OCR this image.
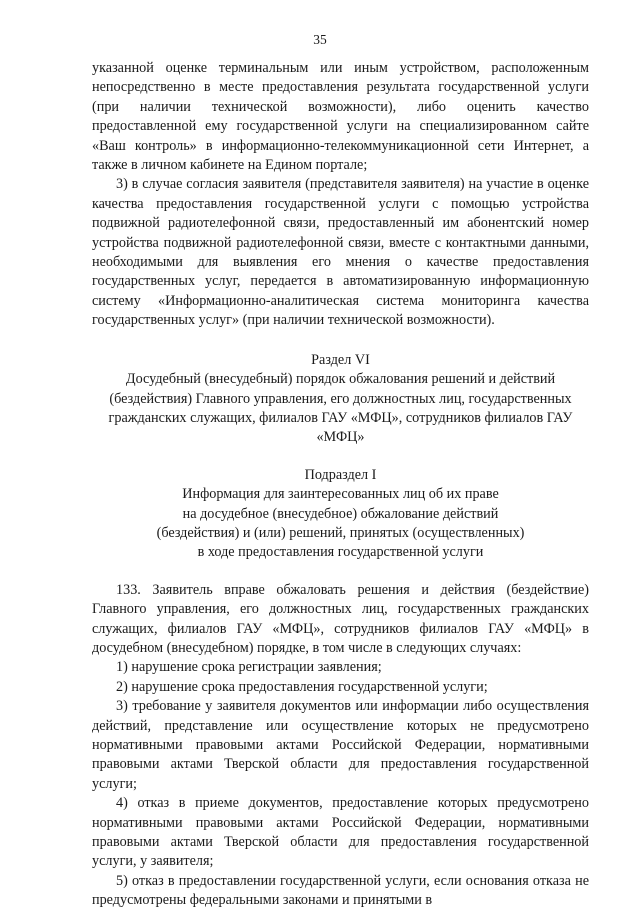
35

указанной оценке терминальным или иным устройством, расположенным непосредственно в месте предоставления результата государственной услуги (при наличии технической возможности), либо оценить качество предоставленной ему государственной услуги на специализированном сайте «Ваш контроль» в информационно-телекоммуникационной сети Интернет, а также в личном кабинете на Едином портале;

3) в случае согласия заявителя (представителя заявителя) на участие в оценке качества предоставления государственной услуги с помощью устройства подвижной радиотелефонной связи, предоставленный им абонентский номер устройства подвижной радиотелефонной связи, вместе с контактными данными, необходимыми для выявления его мнения о качестве предоставления государственных услуг, передается в автоматизированную информационную систему «Информационно-аналитическая система мониторинга качества государственных услуг» (при наличии технической возможности).

Раздел VI

Досудебный (внесудебный) порядок обжалования решений и действий

(бездействия) Главного управления, его должностных лиц, государственных

гражданских служащих, филиалов ГАУ «МФЦ», сотрудников филиалов ГАУ

«МФЦ»

Подраздел I

Информация для заинтересованных лиц об их праве

на досудебное (внесудебное) обжалование действий

(бездействия) и (или) решений, принятых (осуществленных)

в ходе предоставления государственной услуги

133. Заявитель вправе обжаловать решения и действия (бездействие) Главного управления, его должностных лиц, государственных гражданских служащих, филиалов ГАУ «МФЦ», сотрудников филиалов ГАУ «МФЦ» в досудебном (внесудебном) порядке, в том числе в следующих случаях:

1) нарушение срока регистрации заявления;

2) нарушение срока предоставления государственной услуги;

3) требование у заявителя документов или информации либо осуществления действий, представление или осуществление которых не предусмотрено нормативными правовыми актами Российской Федерации, нормативными правовыми актами Тверской области для предоставления государственной услуги;

4) отказ в приеме документов, предоставление которых предусмотрено нормативными правовыми актами Российской Федерации, нормативными правовыми актами Тверской области для предоставления государственной услуги, у заявителя;

5) отказ в предоставлении государственной услуги, если основания отказа не предусмотрены федеральными законами и принятыми в
